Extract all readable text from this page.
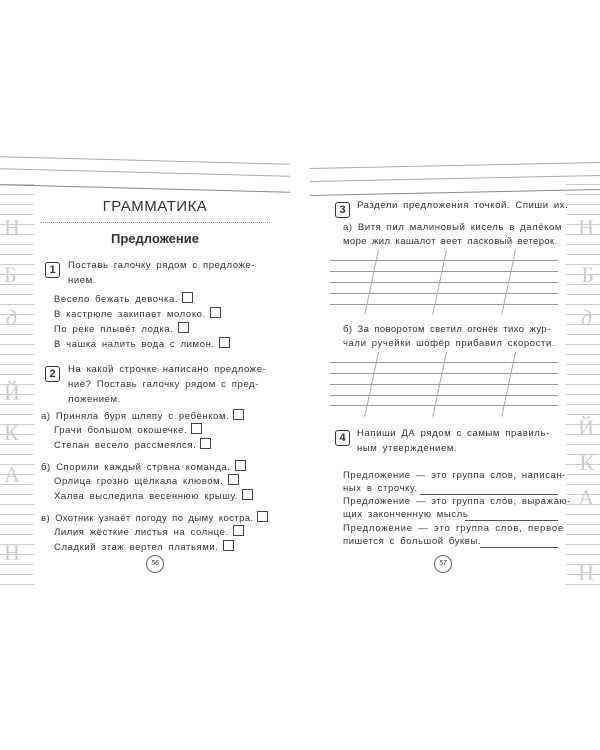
Н
Б
д
Й
К
А
Н
ГРАММАТИКА
Предложение
1	Поставь галочку рядом с предложе-
нием.
Весело бежать девочка.
В кастрюле закипает молоко.
По реке плывёт лодка.
В чашка налить вода с лимон.
2	На какой строчке написано предложе-
ние? Поставь галочку рядом с пред-
ложением.
а) Приняла буря шляпу с ребёнком.
Грачи большом окошечке.
Степан весело рассмеялся.
б) Спорили каждый страна команда.
Орлица грозно щёлкала клювом.
Халва выследила весеннюю крышу.
в) Охотник узнаёт погоду по дыму костра.
Лилия жёсткие листья на солнце.
Сладкий этаж вертел платьями.
56
Н
Б
д
Й
К
А
Н
3	Раздели предложения точкой. Спиши их.
а) Витя пил малиновый кисель в далёком
море жил кашалот веет ласковый ветерок.
б) За поворотом светил огонёк тихо жур-
чали ручейки шофёр прибавил скорости.
4	Напиши ДА рядом с самым правиль-
ным утверждением.
Предложение — это группа слов, написан-
ных в строчку.
Предложение — это группа слов, выражаю-
щих законченную мысль
Предложение — это группа слов, первое
пишется с большой буквы.
57
